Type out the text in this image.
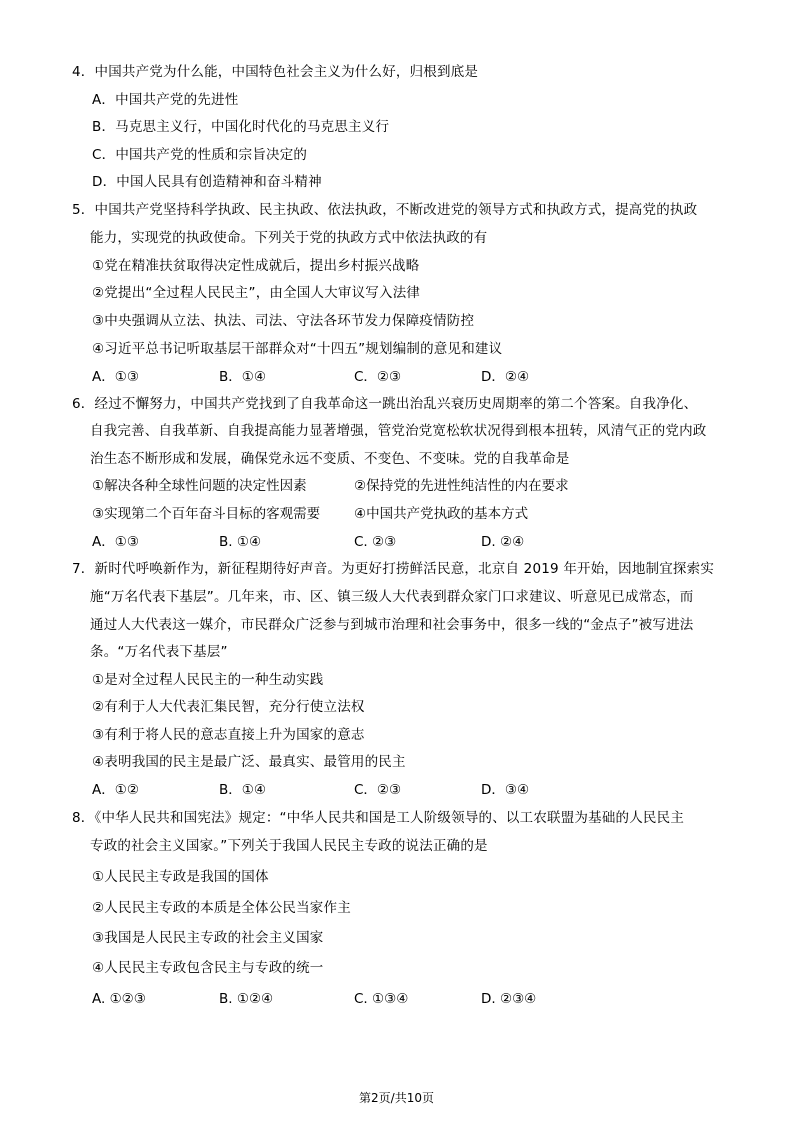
4．中国共产党为什么能，中国特色社会主义为什么好，归根到底是
A．中国共产党的先进性
B．马克思主义行，中国化时代化的马克思主义行
C．中国共产党的性质和宗旨决定的
D．中国人民具有创造精神和奋斗精神
5．中国共产党坚持科学执政、民主执政、依法执政，不断改进党的领导方式和执政方式，提高党的执政
能力，实现党的执政使命。下列关于党的执政方式中依法执政的有
①党在精准扶贫取得决定性成就后，提出乡村振兴战略
②党提出“全过程人民民主”，由全国人大审议写入法律
③中央强调从立法、执法、司法、守法各环节发力保障疫情防控
④习近平总书记听取基层干部群众对“十四五”规划编制的意见和建议
A．①③	B．①④	C．②③	D．②④
6．经过不懈努力，中国共产党找到了自我革命这一跳出治乱兴衰历史周期率的第二个答案。自我净化、
自我完善、自我革新、自我提高能力显著增强，管党治党宽松软状况得到根本扭转，风清气正的党内政
治生态不断形成和发展，确保党永远不变质、不变色、不变味。党的自我革命是
①解决各种全球性问题的决定性因素	②保持党的先进性纯洁性的内在要求
③实现第二个百年奋斗目标的客观需要	④中国共产党执政的基本方式
A．①③	B. ①④	C. ②③	D. ②④
7．新时代呼唤新作为，新征程期待好声音。为更好打捞鲜活民意，北京自 2019 年开始，因地制宜探索实
施“万名代表下基层”。几年来，市、区、镇三级人大代表到群众家门口求建议、听意见已成常态，而
通过人大代表这一媒介，市民群众广泛参与到城市治理和社会事务中，很多一线的“金点子”被写进法
条。“万名代表下基层”
①是对全过程人民民主的一种生动实践
②有利于人大代表汇集民智，充分行使立法权
③有利于将人民的意志直接上升为国家的意志
④表明我国的民主是最广泛、最真实、最管用的民主
A．①②	B．①④	C．②③	D．③④
8．《中华人民共和国宪法》规定：“中华人民共和国是工人阶级领导的、以工农联盟为基础的人民民主
专政的社会主义国家。”下列关于我国人民民主专政的说法正确的是
①人民民主专政是我国的国体
②人民民主专政的本质是全体公民当家作主
③我国是人民民主专政的社会主义国家
④人民民主专政包含民主与专政的统一
A. ①②③	B. ①②④	C. ①③④	D. ②③④
第2页/共10页
